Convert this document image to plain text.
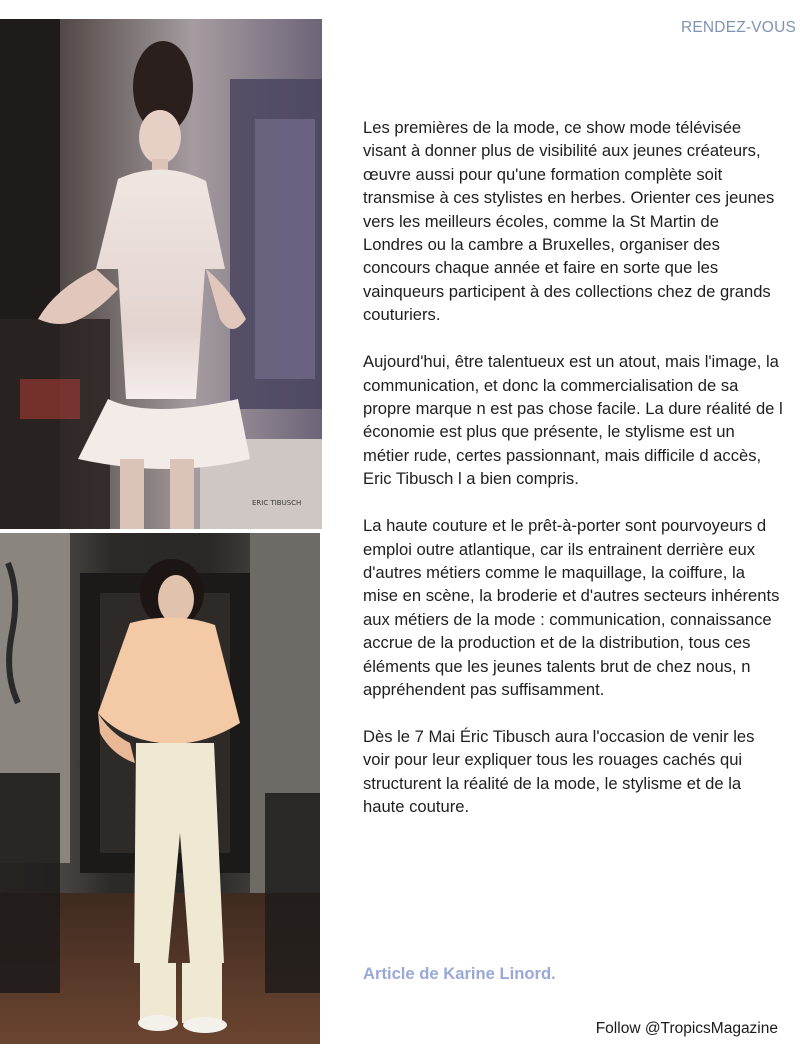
RENDEZ-VOUS
ERIC TIBUSCH

Les premières de la mode, ce show mode télévisée visant à donner plus de visibilité aux jeunes créateurs, œuvre aussi pour qu'une formation complète soit transmise à ces stylistes en herbes. Orienter ces jeunes vers les meilleurs écoles, comme la St Martin de Londres ou la cambre a Bruxelles, organiser des concours chaque année et faire en sorte que les vainqueurs participent à des collections chez de grands couturiers.

Aujourd'hui, être talentueux est un atout, mais l'image, la communication, et donc la commercialisation de sa propre marque n est pas chose facile. La dure réalité de l économie est plus que présente, le stylisme est un métier rude, certes passionnant, mais difficile d accès, Eric Tibusch l a bien compris.

La haute couture et le prêt-à-porter sont pourvoyeurs d emploi outre atlantique, car ils entrainent derrière eux d'autres métiers comme le maquillage, la coiffure, la mise en scène, la broderie et d'autres secteurs inhérents aux métiers de la mode : communication, connaissance accrue de la production et de la distribution, tous ces éléments que les jeunes talents brut de chez nous, n appréhendent pas suffisamment.

Dès le 7 Mai Éric Tibusch aura l'occasion de venir les voir pour leur expliquer tous les rouages cachés qui structurent la réalité de la mode, le stylisme et de la haute couture.

Article de Karine Linord.
Follow @TropicsMagazine
